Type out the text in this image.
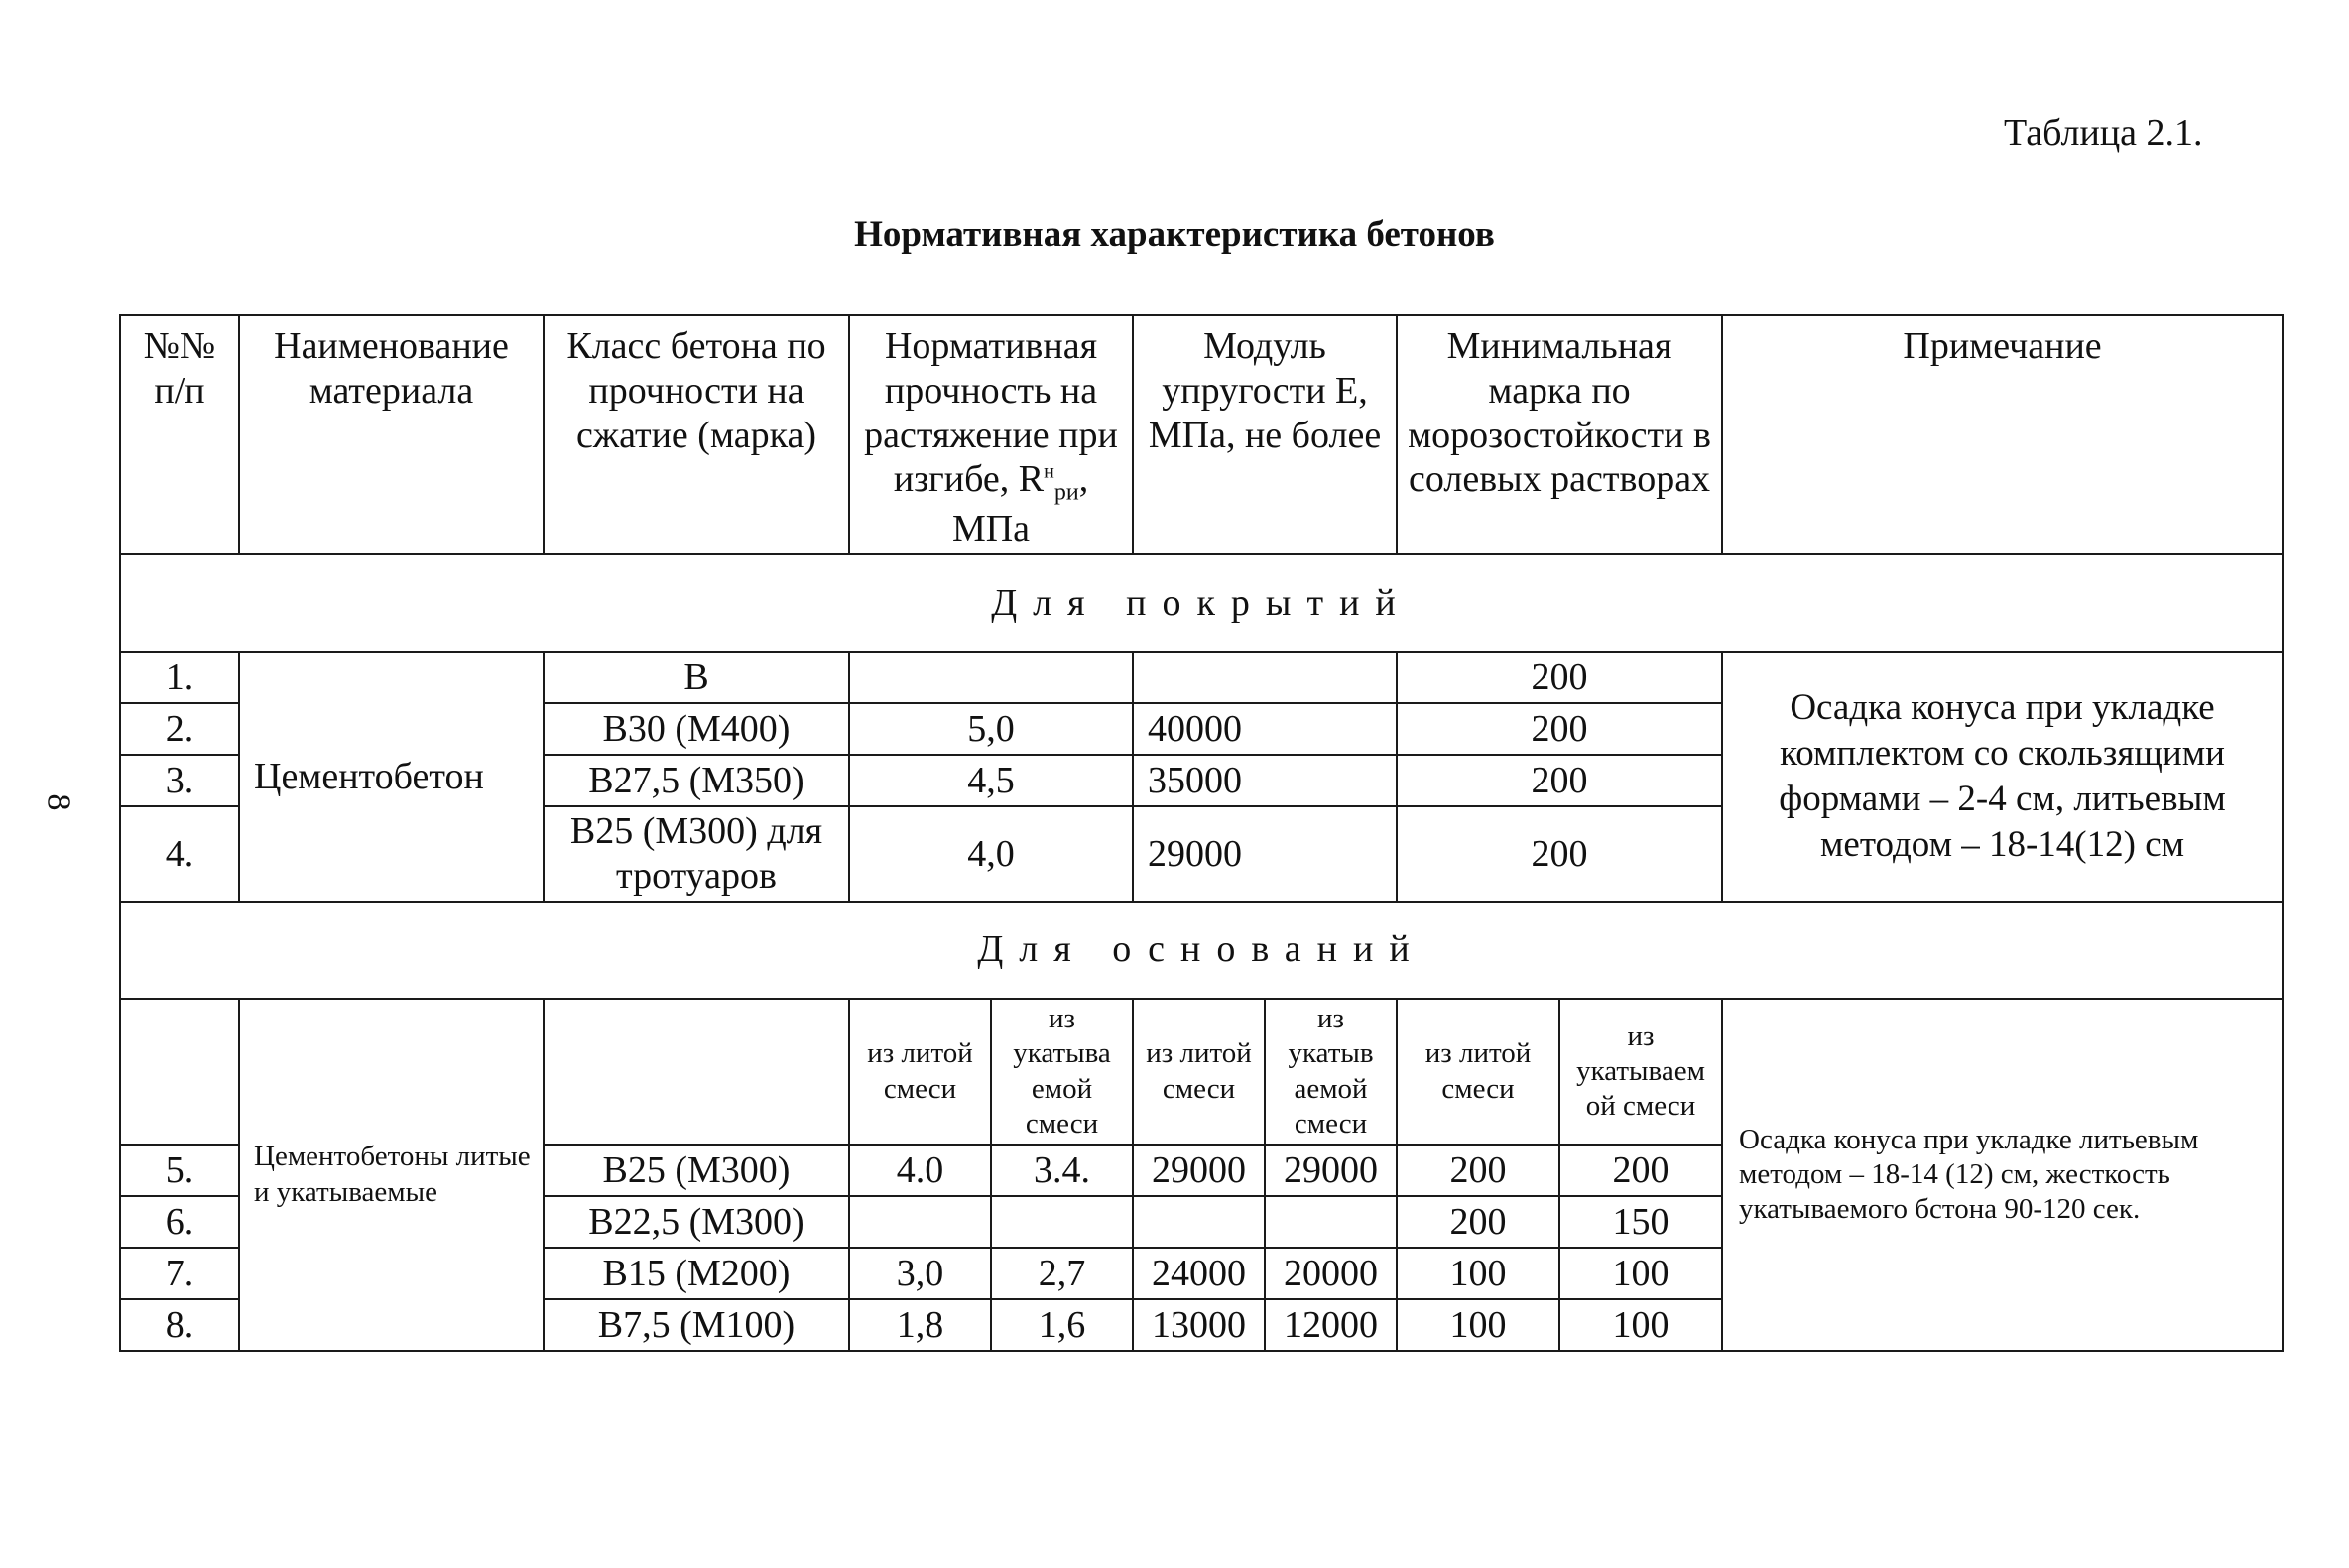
Таблица 2.1.
Нормативная характеристика бетонов
8
№№ п/п	Наименование материала	Класс бетона по прочности на сжатие (марка)	Нормативная прочность на растяжение при изгибе, $R^н_{ри}$, МПа		Модуль упругости Е, МПа, не более		Минимальная марка по морозостойкости в солевых растворах		Примечание
Для покрытий									
1.	Цементобетон	В					200		Осадка конуса при укладке комплектом со скользящими формами – 2-4 см, литьевым методом – 18-14(12) см
2.		В30 (М400)	5,0		40000		200		
3.		В27,5 (М350)	4,5		35000		200		
4.		В25 (М300) для тротуаров	4,0		29000		200		
Для оснований									
	Цементобетоны литые и укатываемые		из литой смеси	из укатыва емой смеси	из литой смеси	из укатыв аемой смеси	из литой смеси	из укатываем ой смеси	Осадка конуса при укладке литьевым методом – 18-14 (12) см, жесткость укатываемого бстона 90-120 сек.
5.		В25 (М300)	4.0	3.4.	29000	29000	200	200	
6.		В22,5 (М300)					200	150	
7.		В15 (М200)	3,0	2,7	24000	20000	100	100	
8.		В7,5 (М100)	1,8	1,6	13000	12000	100	100	
